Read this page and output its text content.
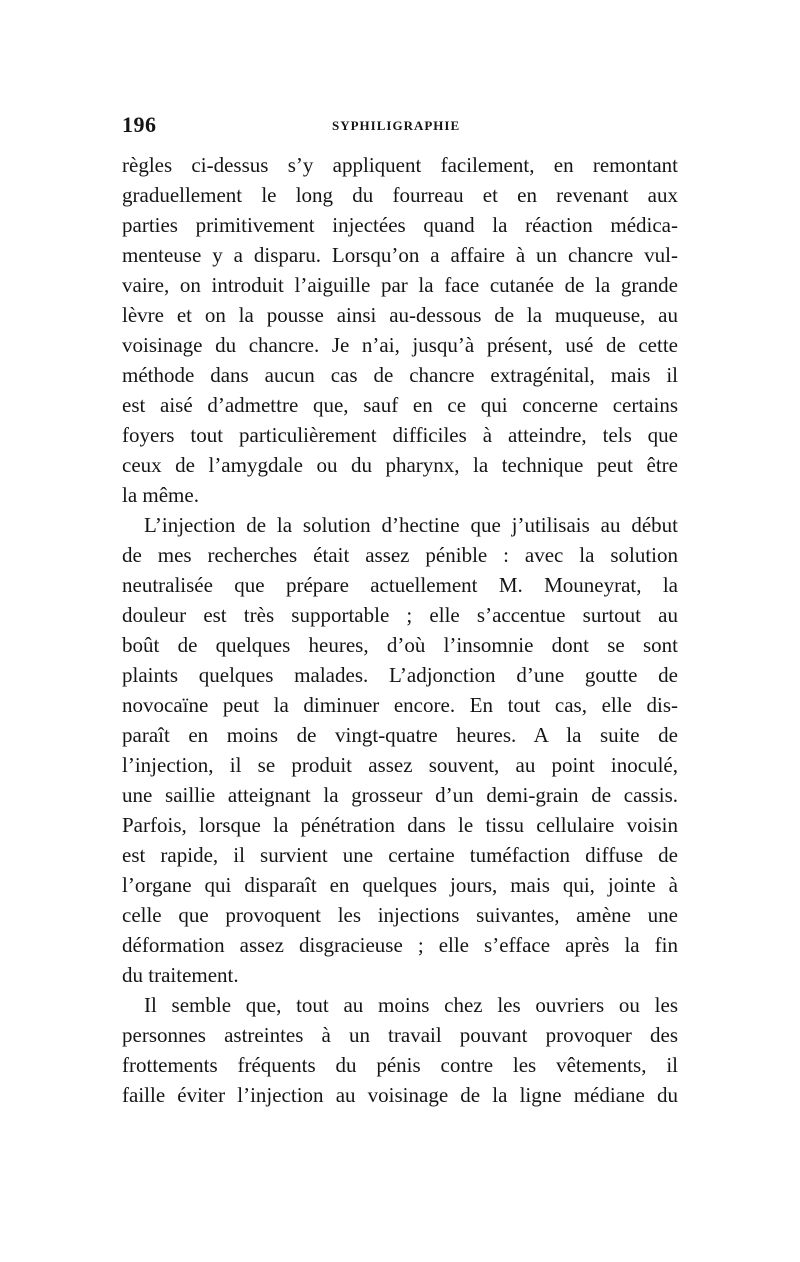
196	SYPHILIGRAPHIE
règles ci-dessus s’y appliquent facilement, en remontant
graduellement le long du fourreau et en revenant aux
parties primitivement injectées quand la réaction médica-
menteuse y a disparu. Lorsqu’on a affaire à un chancre vul-
vaire, on introduit l’aiguille par la face cutanée de la grande
lèvre et on la pousse ainsi au-dessous de la muqueuse, au
voisinage du chancre. Je n’ai, jusqu’à présent, usé de cette
méthode dans aucun cas de chancre extragénital, mais il
est aisé d’admettre que, sauf en ce qui concerne certains
foyers tout particulièrement difficiles à atteindre, tels que
ceux de l’amygdale ou du pharynx, la technique peut être
la même.
L’injection de la solution d’hectine que j’utilisais au début
de mes recherches était assez pénible : avec la solution
neutralisée que prépare actuellement M. Mouneyrat, la
douleur est très supportable ; elle s’accentue surtout au
boût de quelques heures, d’où l’insomnie dont se sont
plaints quelques malades. L’adjonction d’une goutte de
novocaïne peut la diminuer encore. En tout cas, elle dis-
paraît en moins de vingt-quatre heures. A la suite de
l’injection, il se produit assez souvent, au point inoculé,
une saillie atteignant la grosseur d’un demi-grain de cassis.
Parfois, lorsque la pénétration dans le tissu cellulaire voisin
est rapide, il survient une certaine tuméfaction diffuse de
l’organe qui disparaît en quelques jours, mais qui, jointe à
celle que provoquent les injections suivantes, amène une
déformation assez disgracieuse ; elle s’efface après la fin
du traitement.
Il semble que, tout au moins chez les ouvriers ou les
personnes astreintes à un travail pouvant provoquer des
frottements fréquents du pénis contre les vêtements, il
faille éviter l’injection au voisinage de la ligne médiane du
